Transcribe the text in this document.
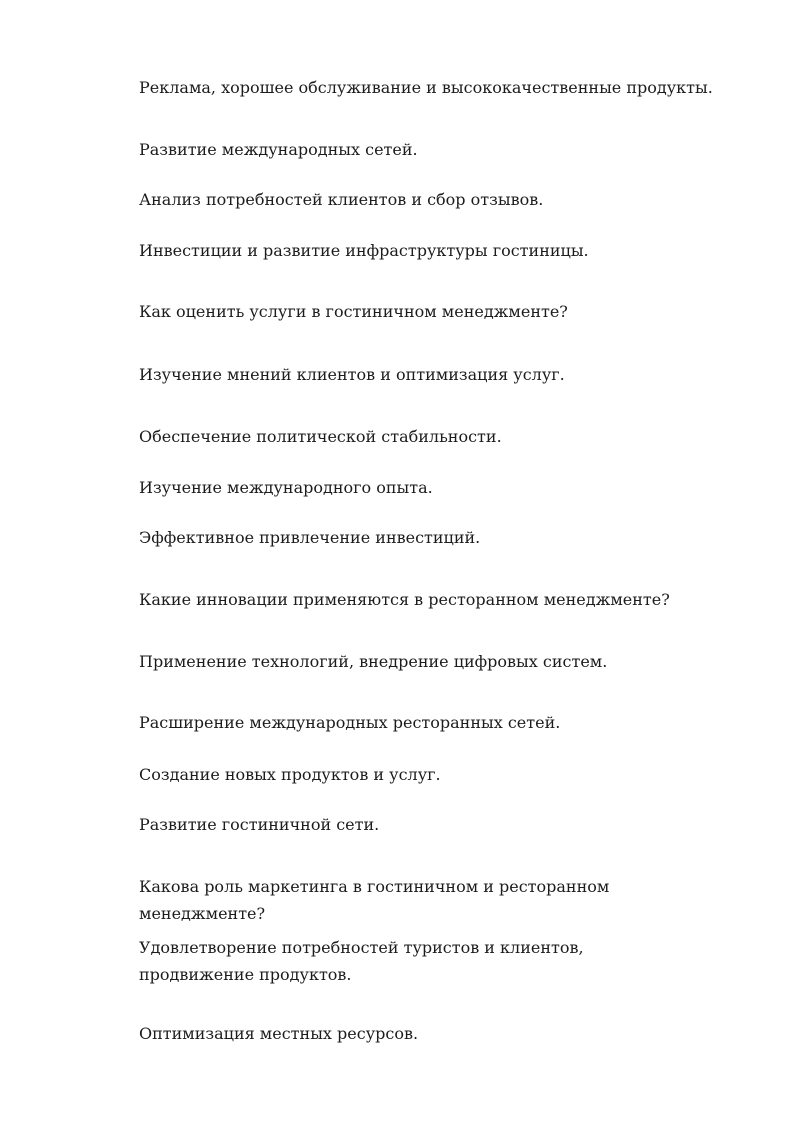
Реклама, хорошее обслуживание и высококачественные продукты.

Развитие международных сетей.

Анализ потребностей клиентов и сбор отзывов.

Инвестиции и развитие инфраструктуры гостиницы.

Как оценить услуги в гостиничном менеджменте?

Изучение мнений клиентов и оптимизация услуг.

Обеспечение политической стабильности.

Изучение международного опыта.

Эффективное привлечение инвестиций.

Какие инновации применяются в ресторанном менеджменте?

Применение технологий, внедрение цифровых систем.

Расширение международных ресторанных сетей.

Создание новых продуктов и услуг.

Развитие гостиничной сети.

Какова роль маркетинга в гостиничном и ресторанном менеджменте?

Удовлетворение потребностей туристов и клиентов, продвижение продуктов.

Оптимизация местных ресурсов.
